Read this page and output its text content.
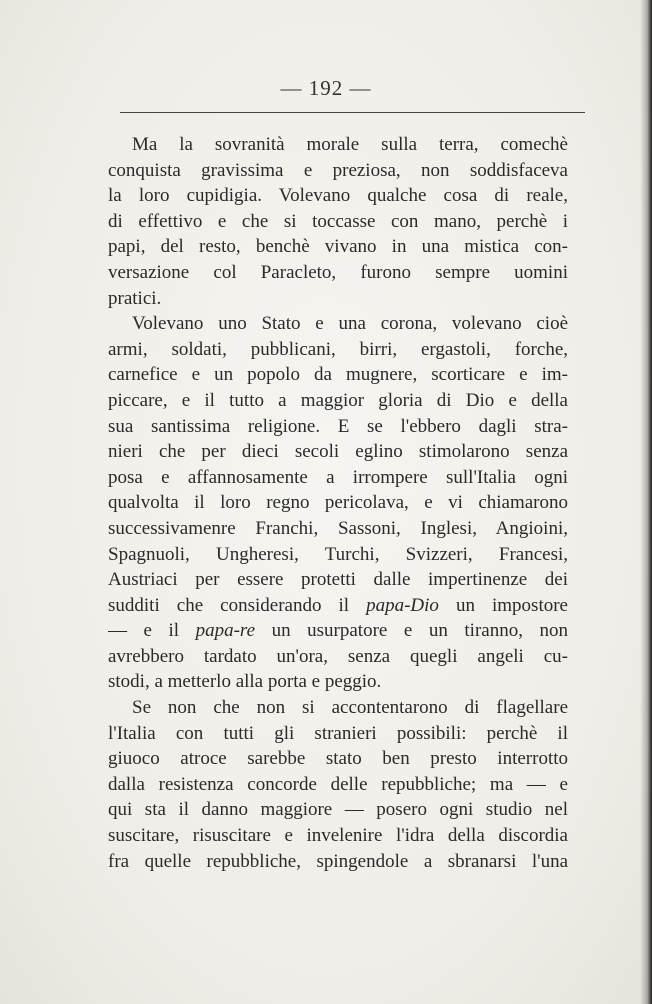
— 192 —
Ma la sovranità morale sulla terra, comechè
conquista gravissima e preziosa, non soddisfaceva
la loro cupidigia. Volevano qualche cosa di reale,
di effettivo e che si toccasse con mano, perchè i
papi, del resto, benchè vivano in una mistica con-
versazione col Paracleto, furono sempre uomini
pratici.
Volevano uno Stato e una corona, volevano cioè
armi, soldati, pubblicani, birri, ergastoli, forche,
carnefice e un popolo da mugnere, scorticare e im-
piccare, e il tutto a maggior gloria di Dio e della
sua santissima religione. E se l'ebbero dagli stra-
nieri che per dieci secoli eglino stimolarono senza
posa e affannosamente a irrompere sull'Italia ogni
qualvolta il loro regno pericolava, e vi chiamarono
successivamenre Franchi, Sassoni, Inglesi, Angioini,
Spagnuoli, Ungheresi, Turchi, Svizzeri, Francesi,
Austriaci per essere protetti dalle impertinenze dei
sudditi che considerando il papa-Dio un impostore
— e il papa-re un usurpatore e un tiranno, non
avrebbero tardato un'ora, senza quegli angeli cu-
stodi, a metterlo alla porta e peggio.
Se non che non si accontentarono di flagellare
l'Italia con tutti gli stranieri possibili: perchè il
giuoco atroce sarebbe stato ben presto interrotto
dalla resistenza concorde delle repubbliche; ma — e
qui sta il danno maggiore — posero ogni studio nel
suscitare, risuscitare e invelenire l'idra della discordia
fra quelle repubbliche, spingendole a sbranarsi l'una
